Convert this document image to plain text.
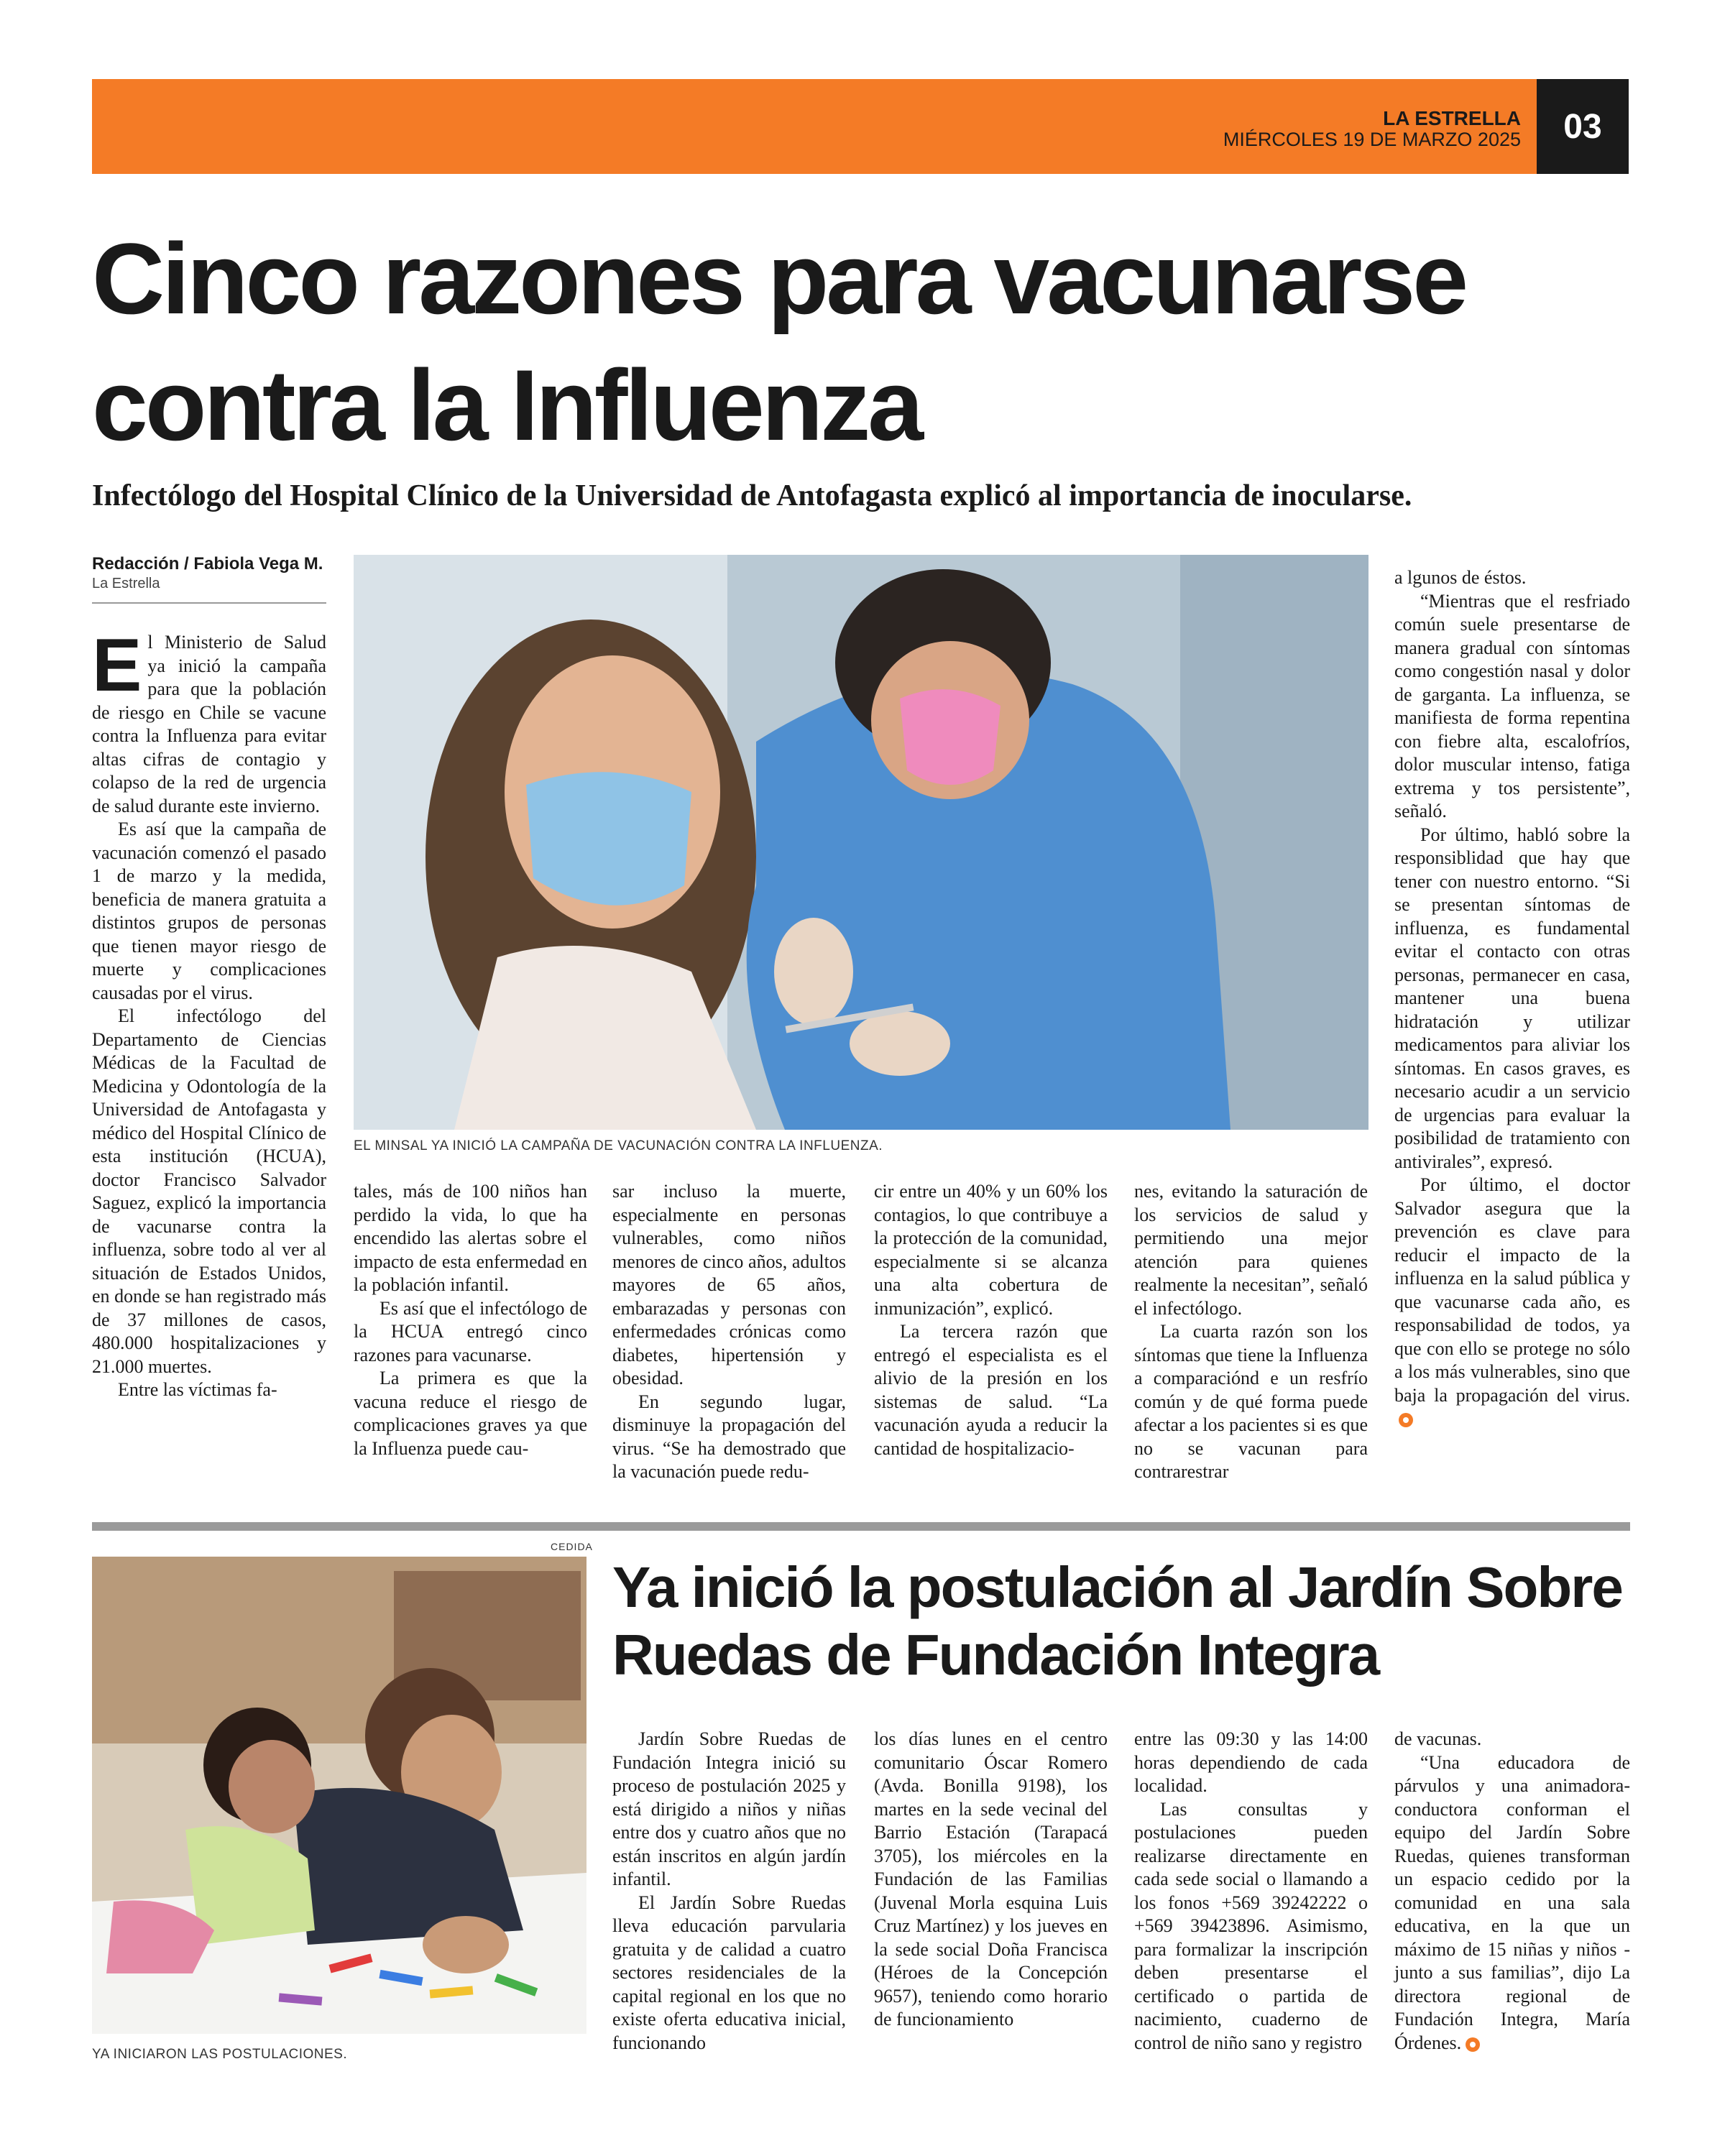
LA ESTRELLA
MIÉRCOLES 19 DE MARZO 2025	03
Cinco razones para vacunarse contra la Influenza

Infectólogo del Hospital Clínico de la Universidad de Antofagasta explicó al importancia de inocularse.

Redacción / Fabiola Vega M.
La Estrella
EL MINSAL YA INICIÓ LA CAMPAÑA DE VACUNACIÓN CONTRA LA INFLUENZA.

El Ministerio de Salud ya inició la campaña para que la población de riesgo en Chile se vacune contra la Influenza para evitar altas cifras de contagio y colapso de la red de urgencia de salud durante este invierno.

Es así que la campaña de vacunación comenzó el pasado 1 de marzo y la medida, beneficia de manera gratuita a distintos grupos de personas que tienen mayor riesgo de muerte y complicaciones causadas por el virus.

El infectólogo del Departamento de Ciencias Médicas de la Facultad de Medicina y Odontología de la Universidad de Antofagasta y médico del Hospital Clínico de esta institución (HCUA), doctor Francisco Salvador Saguez, explicó la importancia de vacunarse contra la influenza, sobre todo al ver al situación de Estados Unidos, en donde se han registrado más de 37 millones de casos, 480.000 hospitalizaciones y 21.000 muertes.

Entre las víctimas fa-

tales, más de 100 niños han perdido la vida, lo que ha encendido las alertas sobre el impacto de esta enfermedad en la población infantil.

Es así que el infectólogo de la HCUA entregó cinco razones para vacunarse.

La primera es que la vacuna reduce el riesgo de complicaciones graves ya que la Influenza puede cau-

sar incluso la muerte, especialmente en personas vulnerables, como niños menores de cinco años, adultos mayores de 65 años, embarazadas y personas con enfermedades crónicas como diabetes, hipertensión y obesidad.

En segundo lugar, disminuye la propagación del virus. “Se ha demostrado que la vacunación puede redu-

cir entre un 40% y un 60% los contagios, lo que contribuye a la protección de la comunidad, especialmente si se alcanza una alta cobertura de inmunización”, explicó.

La tercera razón que entregó el especialista es el alivio de la presión en los sistemas de salud. “La vacunación ayuda a reducir la cantidad de hospitalizacio-

nes, evitando la saturación de los servicios de salud y permitiendo una mejor atención para quienes realmente la necesitan”, señaló el infectólogo.

La cuarta razón son los síntomas que tiene la Influenza a comparaciónd e un resfrío común y de qué forma puede afectar a los pacientes si es que no se vacunan para contrarestrar

a lgunos de éstos.

“Mientras que el resfriado común suele presentarse de manera gradual con síntomas como congestión nasal y dolor de garganta. La influenza, se manifiesta de forma repentina con fiebre alta, escalofríos, dolor muscular intenso, fatiga extrema y tos persistente”, señaló.

Por último, habló sobre la responsiblidad que hay que tener con nuestro entorno. “Si se presentan síntomas de influenza, es fundamental evitar el contacto con otras personas, permanecer en casa, mantener una buena hidratación y utilizar medicamentos para aliviar los síntomas. En casos graves, es necesario acudir a un servicio de urgencias para evaluar la posibilidad de tratamiento con antivirales”, expresó.

Por último, el doctor Salvador asegura que la prevención es clave para reducir el impacto de la influenza en la salud pública y que vacunarse cada año, es responsabilidad de todos, ya que con ello se protege no sólo a los más vulnerables, sino que baja la propagación del virus.

CEDIDA
YA INICIARON LAS POSTULACIONES.
Ya inició la postulación al Jardín Sobre Ruedas de Fundación Integra

Jardín Sobre Ruedas de Fundación Integra inició su proceso de postulación 2025 y está dirigido a niños y niñas entre dos y cuatro años que no están inscritos en algún jardín infantil.

El Jardín Sobre Ruedas lleva educación parvularia gratuita y de calidad a cuatro sectores residenciales de la capital regional en los que no existe oferta educativa inicial, funcionando

los días lunes en el centro comunitario Óscar Romero (Avda. Bonilla 9198), los martes en la sede vecinal del Barrio Estación (Tarapacá 3705), los miércoles en la Fundación de las Familias (Juvenal Morla esquina Luis Cruz Martínez) y los jueves en la sede social Doña Francisca (Héroes de la Concepción 9657), teniendo como horario de funcionamiento

entre las 09:30 y las 14:00 horas dependiendo de cada localidad.

Las consultas y postulaciones pueden realizarse directamente en cada sede social o llamando a los fonos +569 39242222 o +569 39423896. Asimismo, para formalizar la inscripción deben presentarse el certificado o partida de nacimiento, cuaderno de control de niño sano y registro

de vacunas.

“Una educadora de párvulos y una animadora-conductora conforman el equipo del Jardín Sobre Ruedas, quienes transforman un espacio cedido por la comunidad en una sala educativa, en la que un máximo de 15 niñas y niños - junto a sus familias”, dijo La directora regional de Fundación Integra, María Órdenes.
